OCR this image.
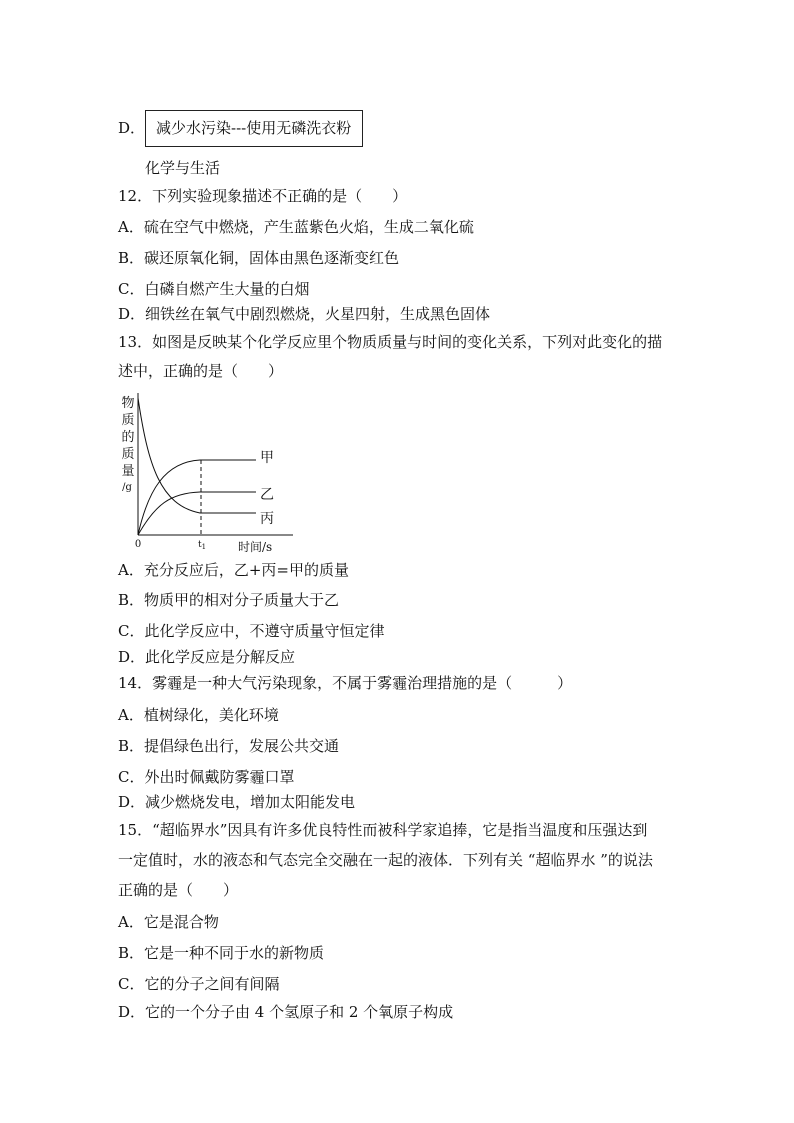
D． 减少水污染---使用无磷洗衣粉
化学与生活
12．下列实验现象描述不正确的是（　　）
A．硫在空气中燃烧，产生蓝紫色火焰，生成二氧化硫
B．碳还原氧化铜，固体由黑色逐渐变红色
C．白磷自燃产生大量的白烟
D．细铁丝在氧气中剧烈燃烧，火星四射，生成黑色固体
13．如图是反映某个化学反应里个物质质量与时间的变化关系，下列对此变化的描
述中，正确的是（　　）
物
质
的
质
量
/g
甲
乙
丙
0	$t_1$	时间/s
A．充分反应后，乙+丙=甲的质量
B．物质甲的相对分子质量大于乙
C．此化学反应中，不遵守质量守恒定律
D．此化学反应是分解反应
14．雾霾是一种大气污染现象，不属于雾霾治理措施的是（　　　）
A．植树绿化，美化环境
B．提倡绿色出行，发展公共交通
C．外出时佩戴防雾霾口罩
D．减少燃烧发电，增加太阳能发电
15．“超临界水”因具有许多优良特性而被科学家追捧，它是指当温度和压强达到
一定值时，水的液态和气态完全交融在一起的液体．下列有关 “超临界水 ”的说法
正确的是（　　）
A．它是混合物
B．它是一种不同于水的新物质
C．它的分子之间有间隔
D．它的一个分子由 4 个氢原子和 2 个氧原子构成
